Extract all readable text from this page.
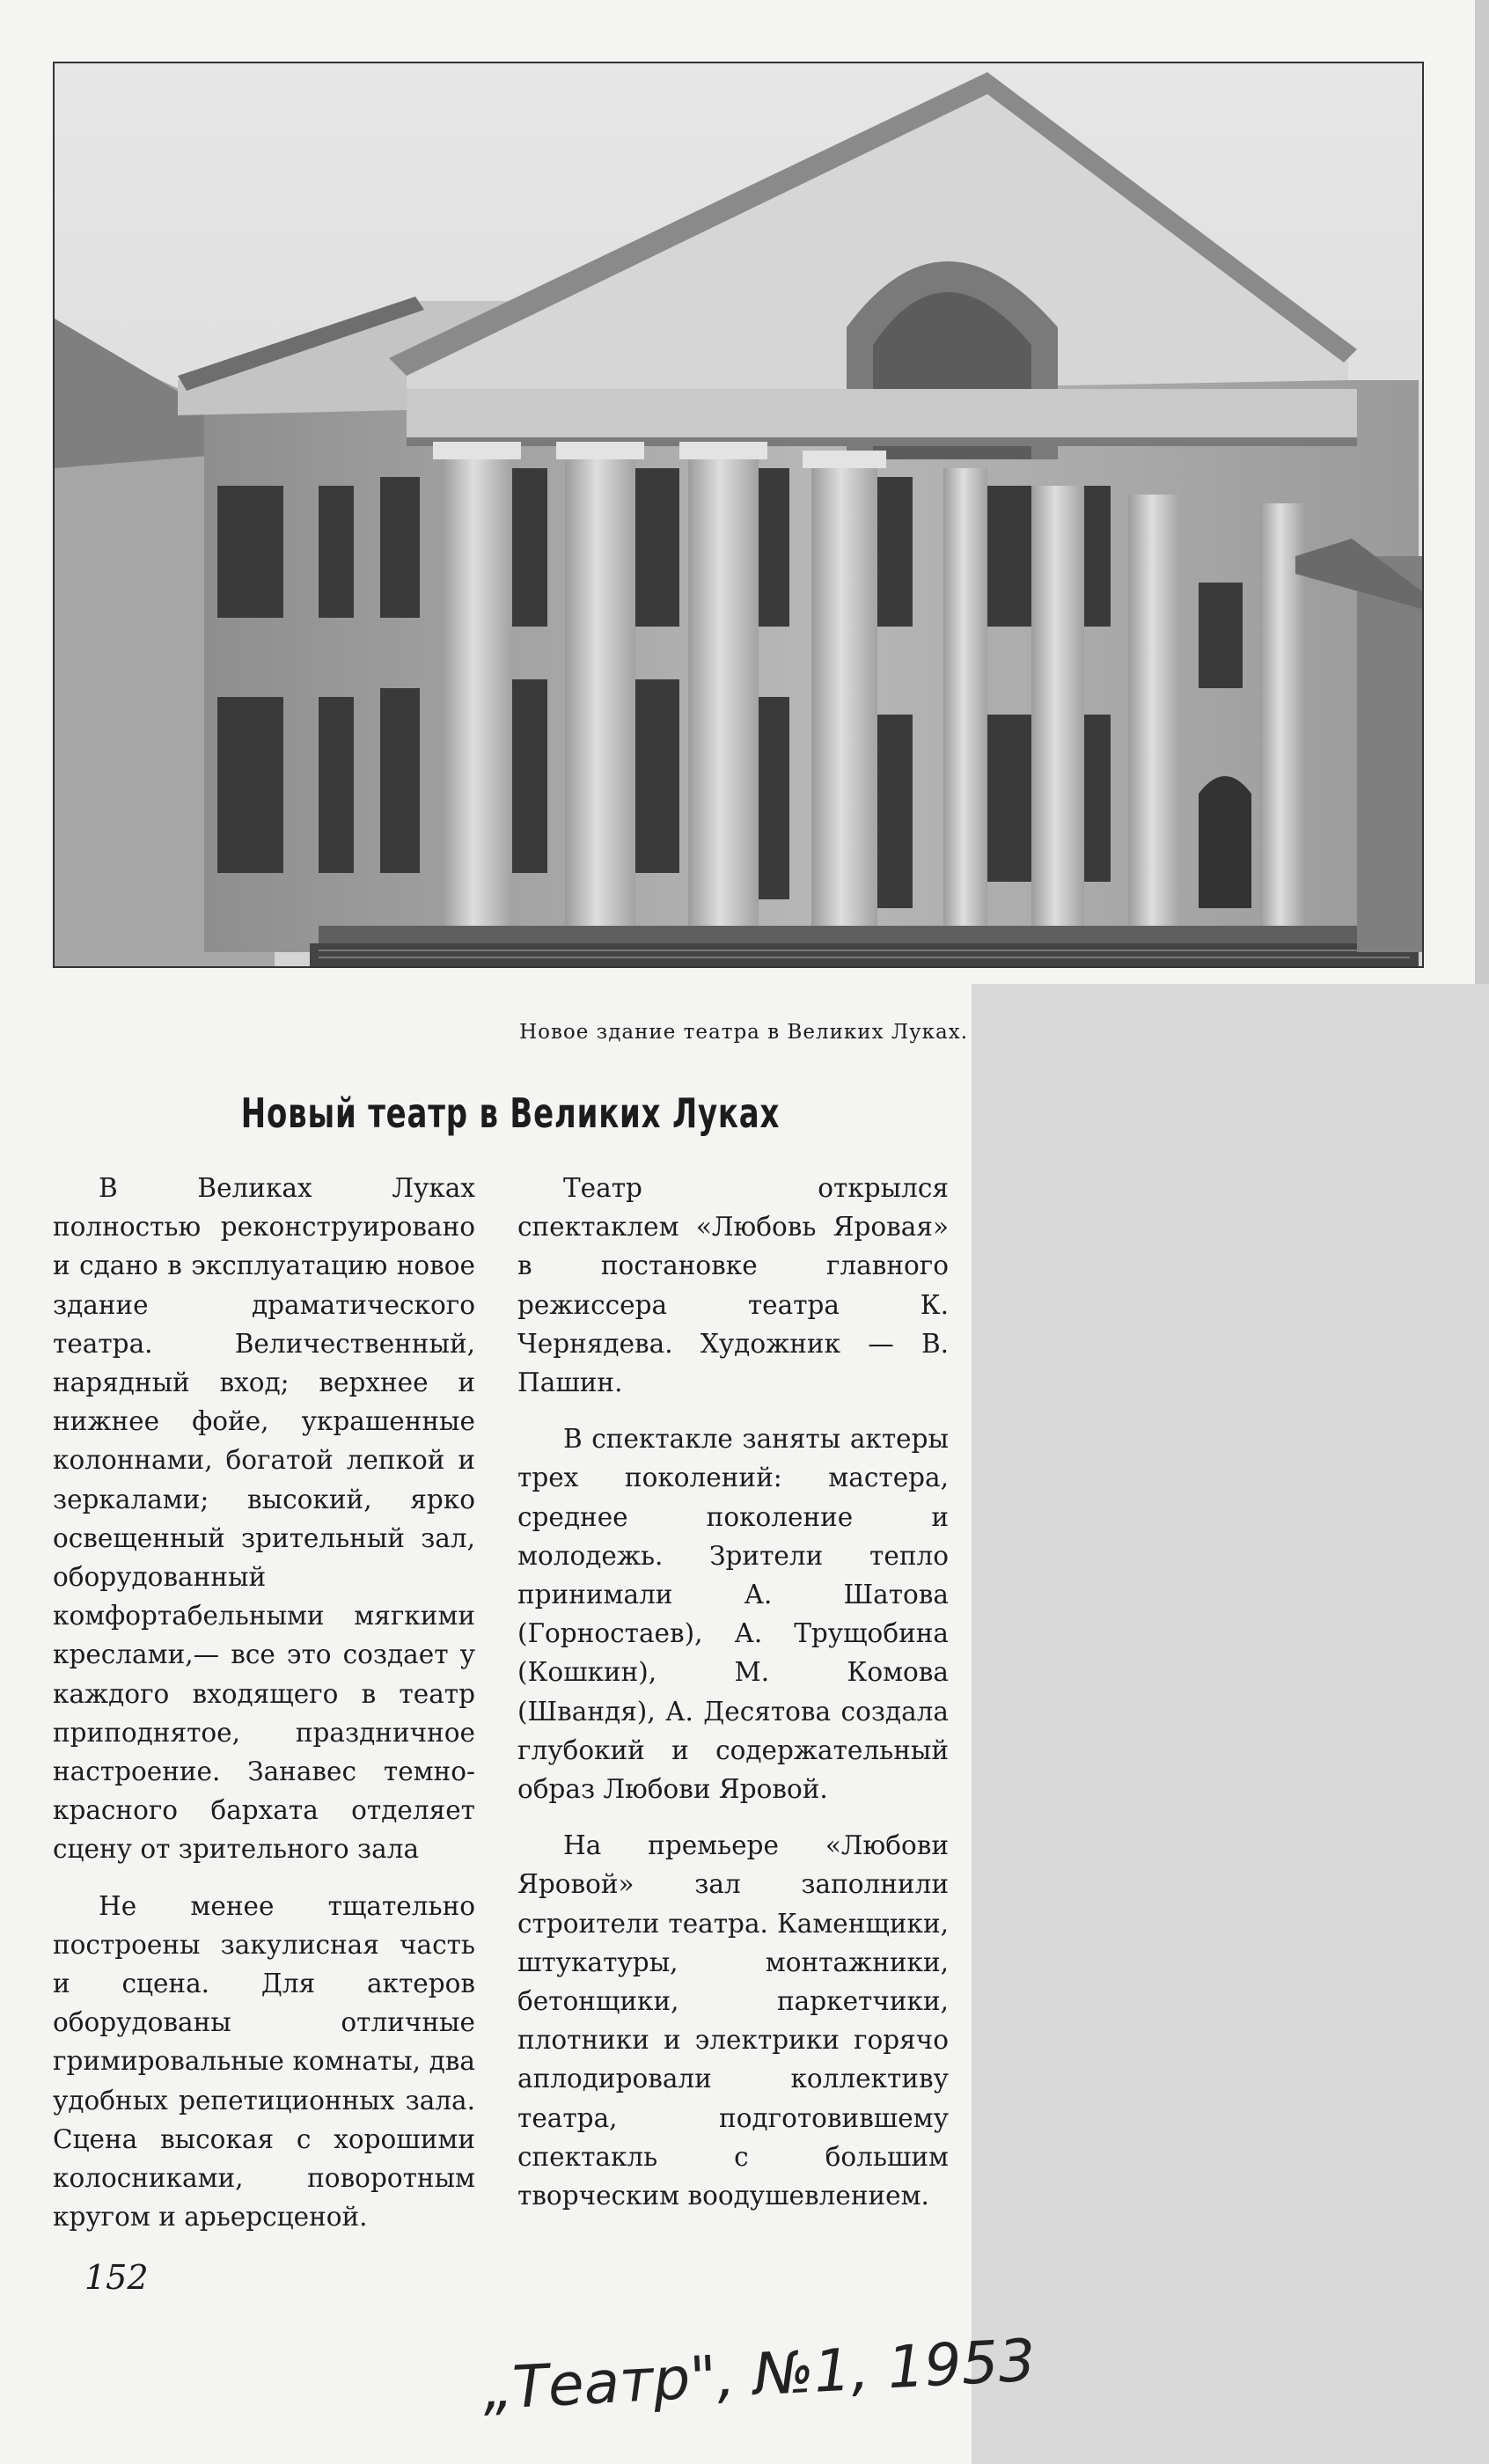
Новое здание театра в Великих Луках.
Новый театр в Великих Луках

В Великах Луках полностью реконструировано и сдано в эксплуатацию новое здание драматического театра. Величественный, нарядный вход; верхнее и нижнее фойе, украшенные колоннами, богатой лепкой и зеркалами; высокий, ярко освещенный зрительный зал, оборудованный комфортабельными мягкими креслами,— все это создает у каждого входящего в театр приподнятое, праздничное настроение. Занавес темно-красного бархата отделяет сцену от зрительного зала

Не менее тщательно построены закулисная часть и сцена. Для актеров оборудованы отличные гримировальные комнаты, два удобных репетиционных зала. Сцена высокая с хорошими колосниками, поворотным кругом и арьерсценой.

Театр открылся спектаклем «Любовь Яровая» в постановке главного режиссера театра К. Чернядева. Художник — В. Пашин.

В спектакле заняты актеры трех поколений: мастера, среднее поколение и молодежь. Зрители тепло принимали А. Шатова (Горностаев), А. Трущобина (Кошкин), М. Комова (Швандя), А. Десятова создала глубокий и содержательный образ Любови Яровой.

На премьере «Любови Яровой» зал заполнили строители театра. Каменщики, штукатуры, монтажники, бетонщики, паркетчики, плотники и электрики горячо аплодировали коллективу театра, подготовившему спектакль с большим творческим воодушевлением.

152
„Театр", №1, 1953
